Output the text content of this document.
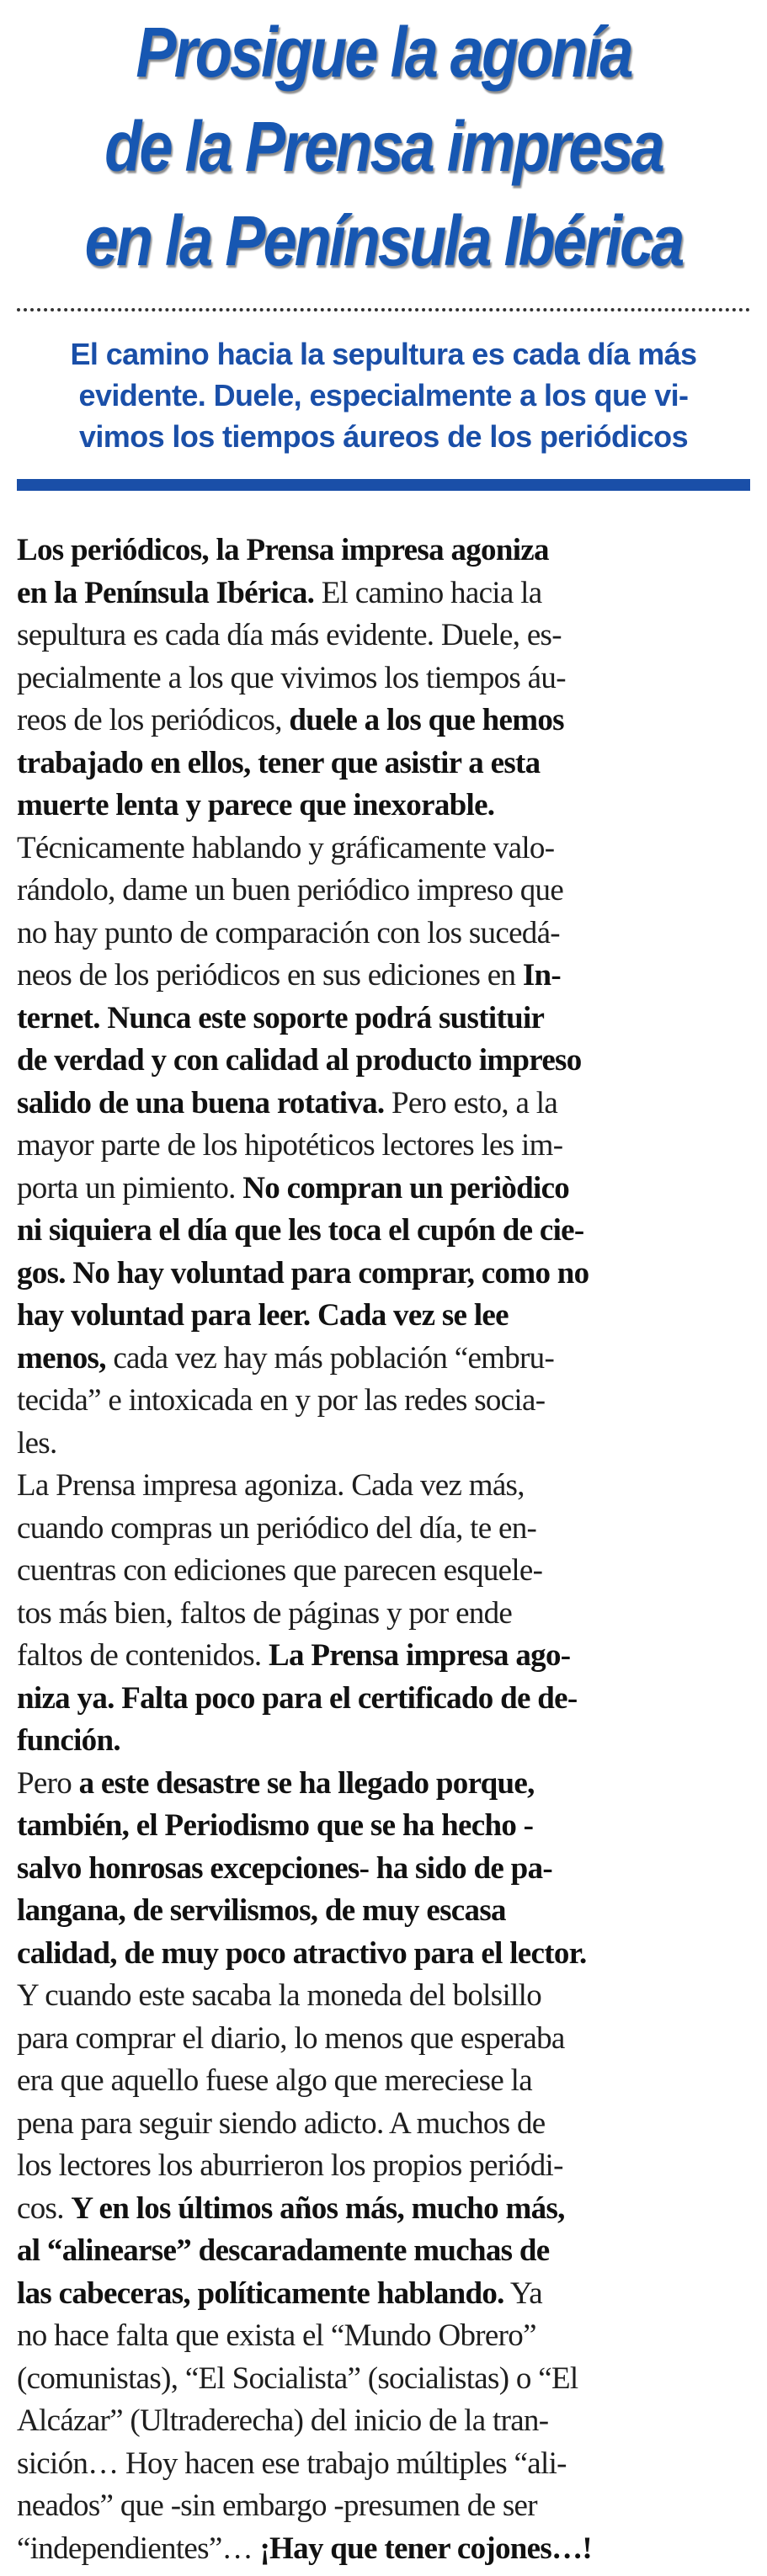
Prosigue la agonía
de la Prensa impresa
en la Península Ibérica

El camino hacia la sepultura es cada día más
evidente. Duele, especialmente a los que vi-
vimos los tiempos áureos de los periódicos

Los periódicos, la Prensa impresa agoniza
en la Península Ibérica. El camino hacia la
sepultura es cada día más evidente. Duele, es-
pecialmente a los que vivimos los tiempos áu-
reos de los periódicos, duele a los que hemos
trabajado en ellos, tener que asistir a esta
muerte lenta y parece que inexorable.
Técnicamente hablando y gráficamente valo-
rándolo, dame un buen periódico impreso que
no hay punto de comparación con los sucedá-
neos de los periódicos en sus ediciones en In-
ternet. Nunca este soporte podrá sustituir
de verdad y con calidad al producto impreso
salido de una buena rotativa. Pero esto, a la
mayor parte de los hipotéticos lectores les im-
porta un pimiento. No compran un periòdico
ni siquiera el día que les toca el cupón de cie-
gos. No hay voluntad para comprar, como no
hay voluntad para leer. Cada vez se lee
menos, cada vez hay más población “embru-
tecida” e intoxicada en y por las redes socia-
les.
La Prensa impresa agoniza. Cada vez más,
cuando compras un periódico del día, te en-
cuentras con ediciones que parecen esquele-
tos más bien, faltos de páginas y por ende
faltos de contenidos. La Prensa impresa ago-
niza ya. Falta poco para el certificado de de-
función.
Pero a este desastre se ha llegado porque,
también, el Periodismo que se ha hecho -
salvo honrosas excepciones- ha sido de pa-
langana, de servilismos, de muy escasa
calidad, de muy poco atractivo para el lector.
Y cuando este sacaba la moneda del bolsillo
para comprar el diario, lo menos que esperaba
era que aquello fuese algo que mereciese la
pena para seguir siendo adicto. A muchos de
los lectores los aburrieron los propios periódi-
cos. Y en los últimos años más, mucho más,
al “alinearse” descaradamente muchas de
las cabeceras, políticamente hablando. Ya
no hace falta que exista el “Mundo Obrero”
(comunistas), “El Socialista” (socialistas) o “El
Alcázar” (Ultraderecha) del inicio de la tran-
sición… Hoy hacen ese trabajo múltiples “ali-
neados” que -sin embargo -presumen de ser
“independientes”… ¡Hay que tener cojones…!
